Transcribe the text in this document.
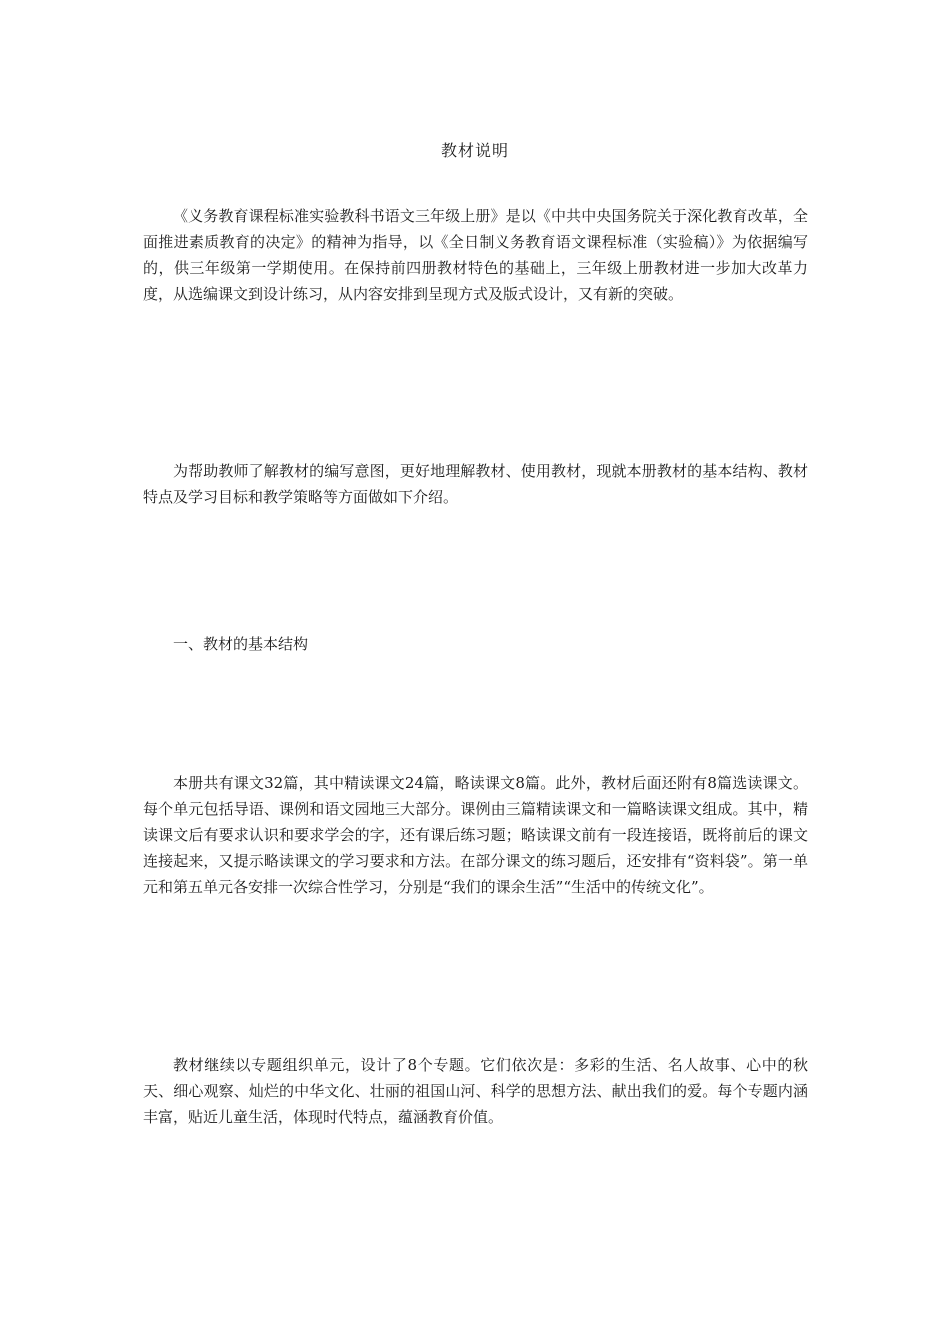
教材说明

《义务教育课程标准实验教科书语文三年级上册》是以《中共中央国务院关于深化教育改革，全面推进素质教育的决定》的精神为指导，以《全日制义务教育语文课程标准（实验稿）》为依据编写的，供三年级第一学期使用。在保持前四册教材特色的基础上，三年级上册教材进一步加大改革力度，从选编课文到设计练习，从内容安排到呈现方式及版式设计，又有新的突破。

为帮助教师了解教材的编写意图，更好地理解教材、使用教材，现就本册教材的基本结构、教材特点及学习目标和教学策略等方面做如下介绍。

一、教材的基本结构

本册共有课文32篇，其中精读课文24篇，略读课文8篇。此外，教材后面还附有8篇选读课文。每个单元包括导语、课例和语文园地三大部分。课例由三篇精读课文和一篇略读课文组成。其中，精读课文后有要求认识和要求学会的字，还有课后练习题；略读课文前有一段连接语，既将前后的课文连接起来，又提示略读课文的学习要求和方法。在部分课文的练习题后，还安排有“资料袋”。第一单元和第五单元各安排一次综合性学习，分别是“我们的课余生活”“生活中的传统文化”。

教材继续以专题组织单元，设计了8个专题。它们依次是：多彩的生活、名人故事、心中的秋天、细心观察、灿烂的中华文化、壮丽的祖国山河、科学的思想方法、献出我们的爱。每个专题内涵丰富，贴近儿童生活，体现时代特点，蕴涵教育价值。
